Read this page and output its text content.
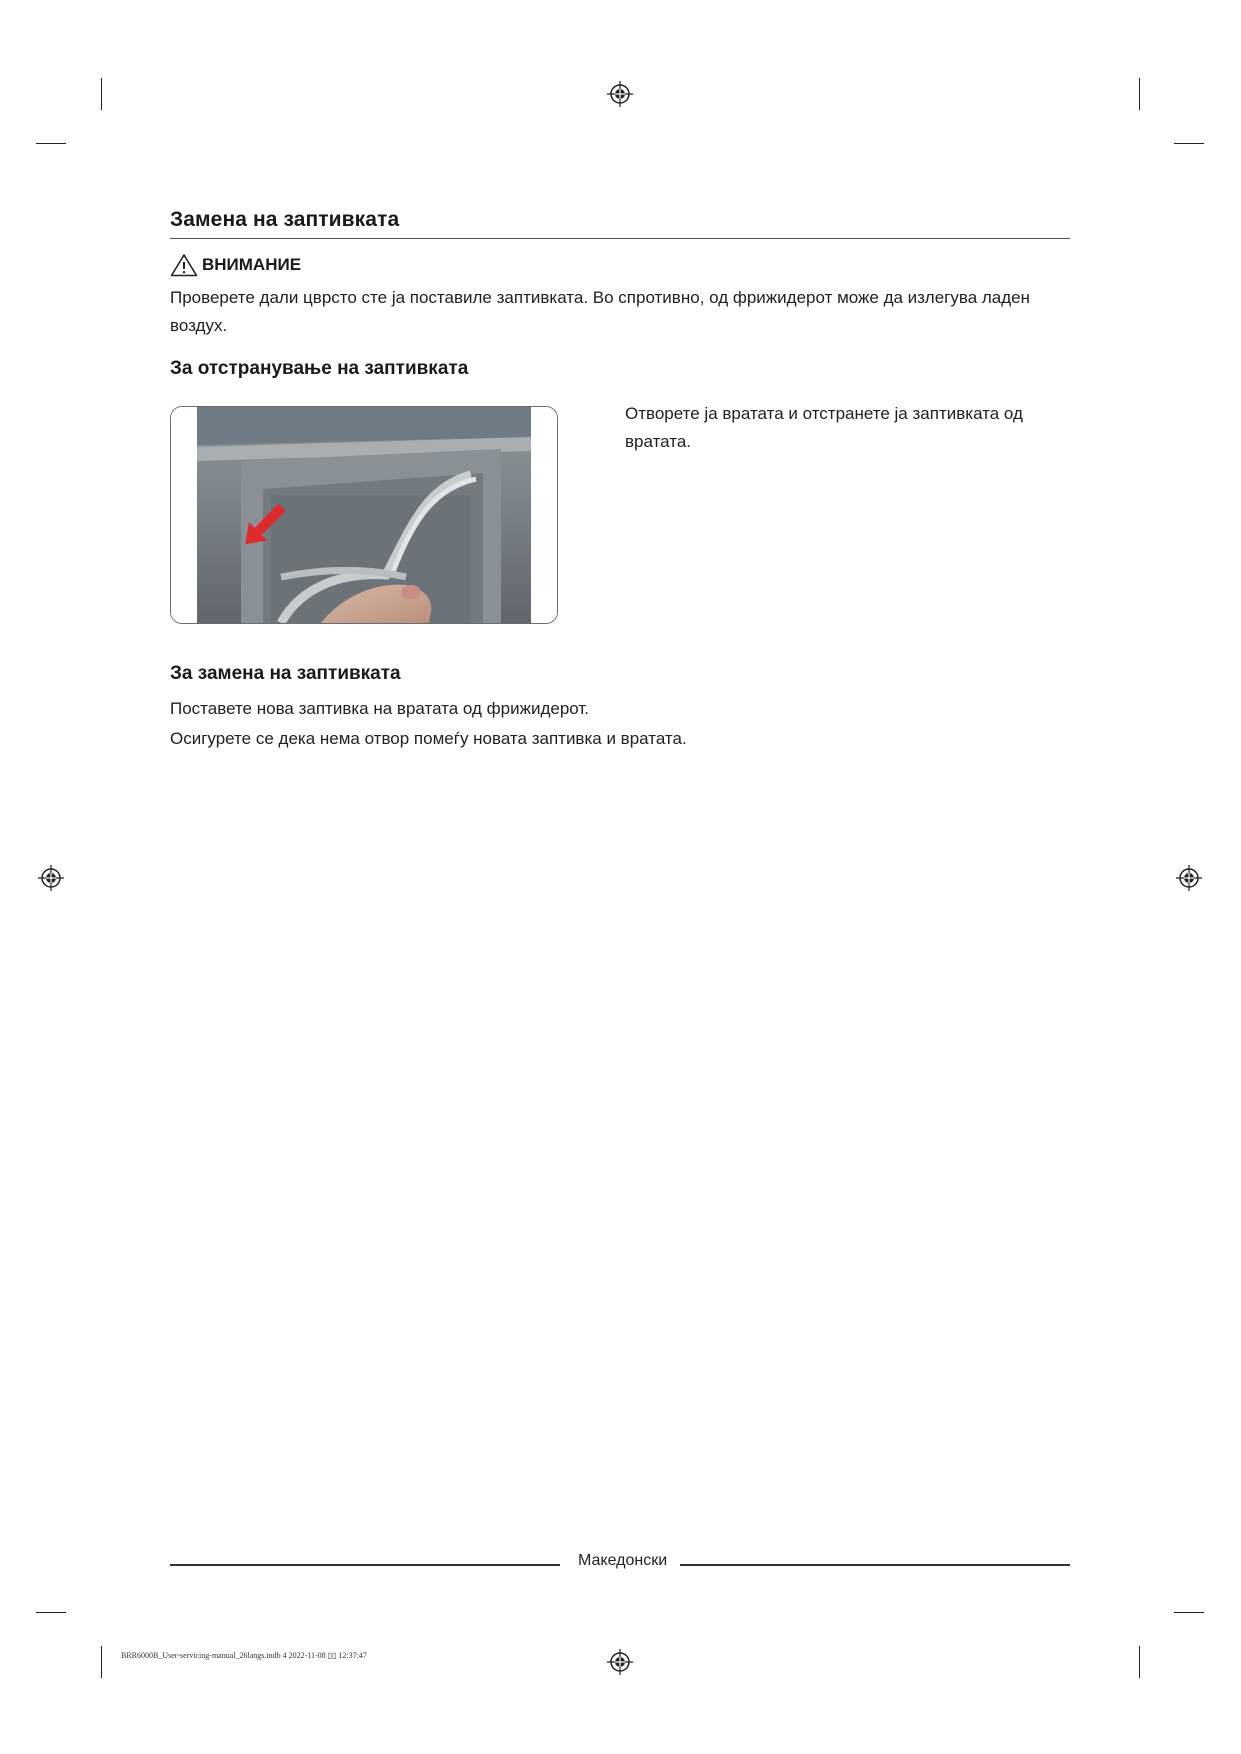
Замена на заптивката
ВНИМАНИЕ
Проверете дали цврсто сте ја поставиле заптивката. Во спротивно, од фрижидерот може да излегува ладен воздух.
За отстранување на заптивката
Отворете ја вратата и отстранете ја заптивката од вратата.
За замена на заптивката
Поставете нова заптивка на вратата од фрижидерот.
Осигурете се дека нема отвор помеѓу новата заптивка и вратата.
Македонски
BRR6000B_User-servicing-manual_26langs.indb 4 2022-11-08 ▯▯ 12:37:47
